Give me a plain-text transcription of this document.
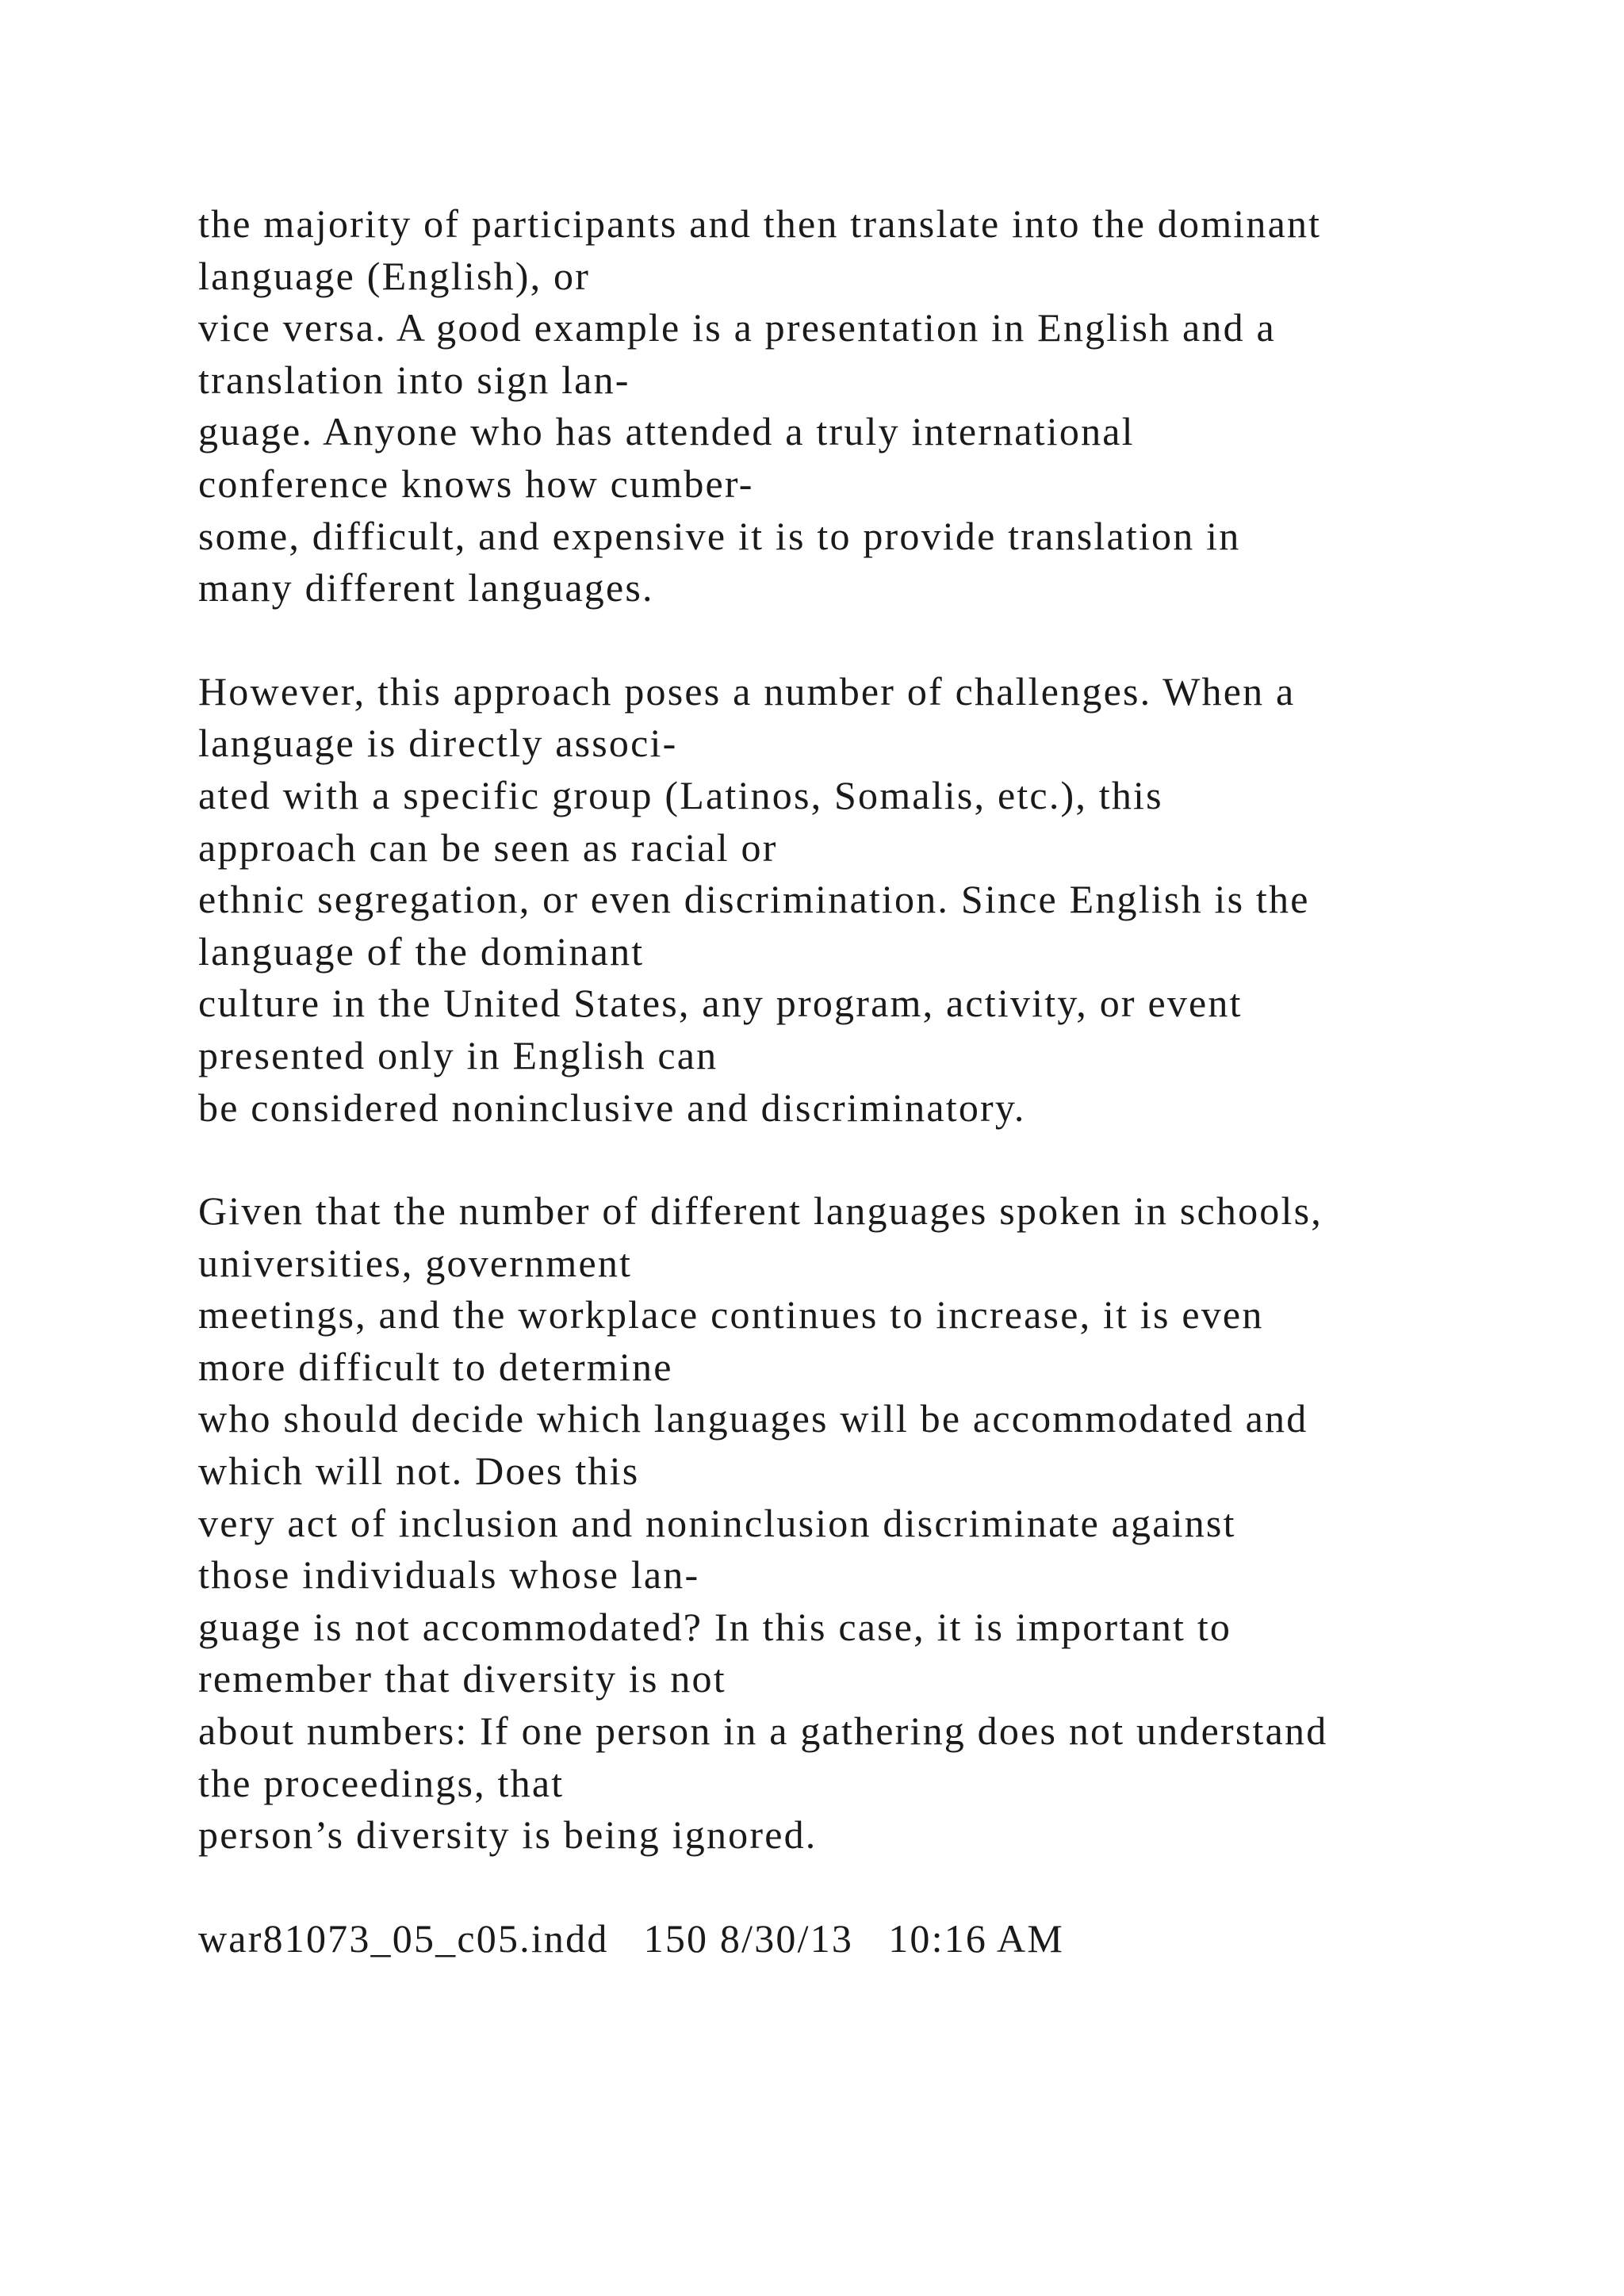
the majority of participants and then translate into the dominant
language (English), or
vice versa. A good example is a presentation in English and a
translation into sign lan-
guage. Anyone who has attended a truly international
conference knows how cumber-
some, difficult, and expensive it is to provide translation in
many different languages.

However, this approach poses a number of challenges. When a
language is directly associ-
ated with a specific group (Latinos, Somalis, etc.), this
approach can be seen as racial or
ethnic segregation, or even discrimination. Since English is the
language of the dominant
culture in the United States, any program, activity, or event
presented only in English can
be considered noninclusive and discriminatory.

Given that the number of different languages spoken in schools,
universities, government
meetings, and the workplace continues to increase, it is even
more difficult to determine
who should decide which languages will be accommodated and
which will not. Does this
very act of inclusion and noninclusion discriminate against
those individuals whose lan-
guage is not accommodated? In this case, it is important to
remember that diversity is not
about numbers: If one person in a gathering does not understand
the proceedings, that
person’s diversity is being ignored.

war81073_05_c05.indd   150 8/30/13   10:16 AM
